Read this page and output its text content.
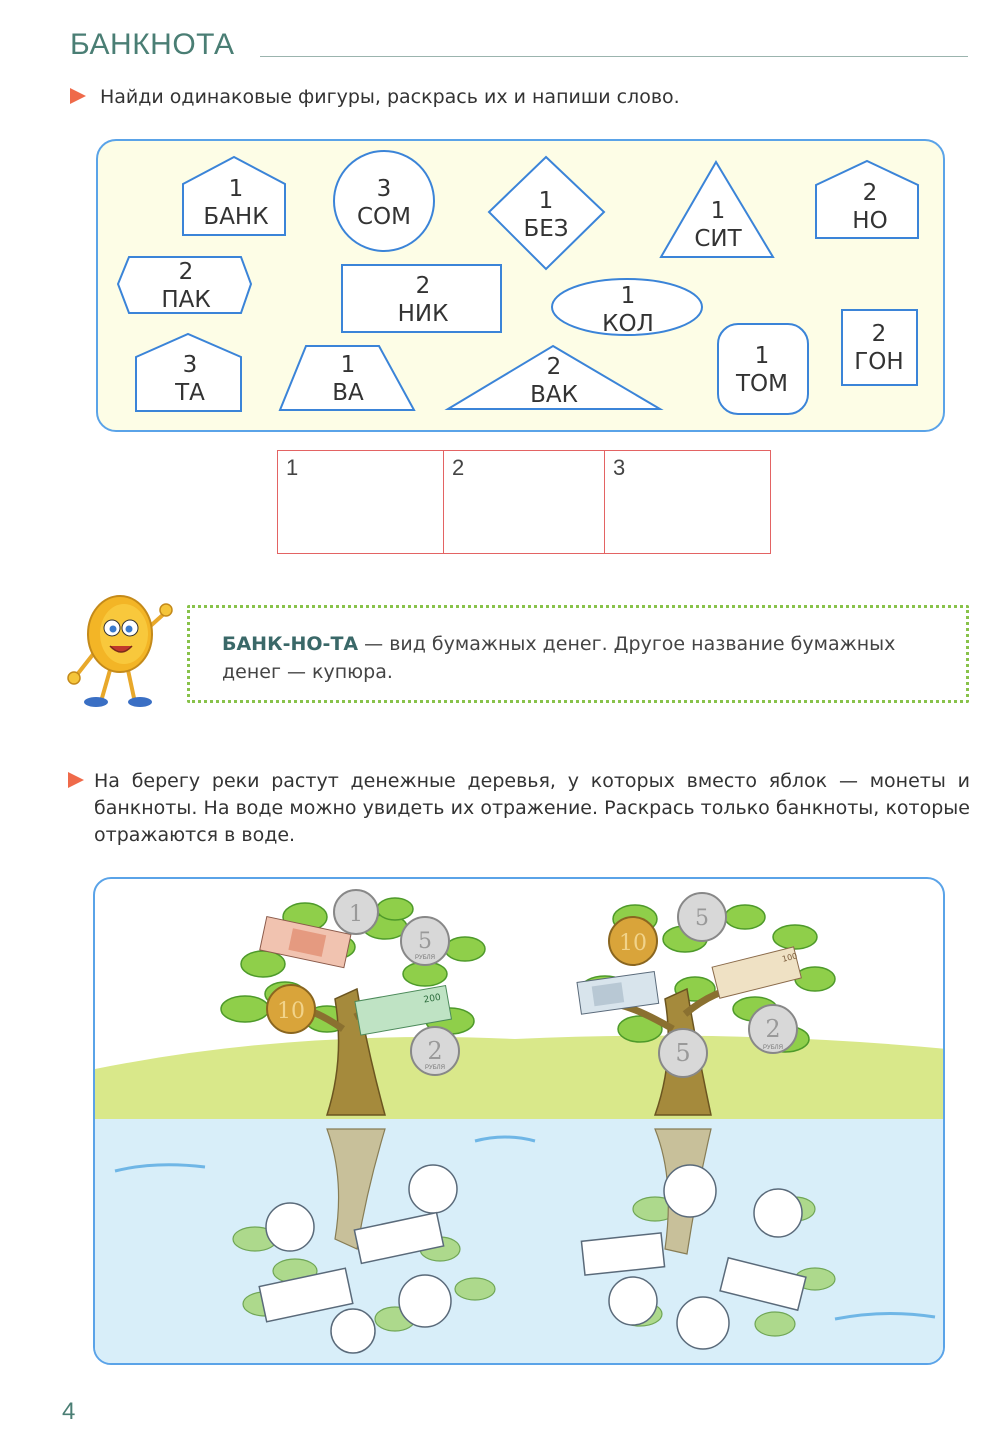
БАНКНОТА
Найди одинаковые фигуры, раскрась их и напиши слово.
1
БАНК
3
СОМ
1
БЕЗ
1
СИТ
2
НО
2
ПАК
2
НИК
1
КОЛ
3
ТА
1
ВА
2
ВАК
1
ТОМ
2
ГОН
1	2	3
БАНК-НО-ТА — вид бумажных денег. Другое название бумажных денег — купюра.
На берегу реки растут денежные деревья, у которых вместо яблок — монеты и банкноты. На воде можно увидеть их отражение. Раскрась только банкноты, которые отражаются в воде.
200
1
5
РУБЛЯ
10
2
РУБЛЯ
100
10
5
2
РУБЛЯ
5
4
